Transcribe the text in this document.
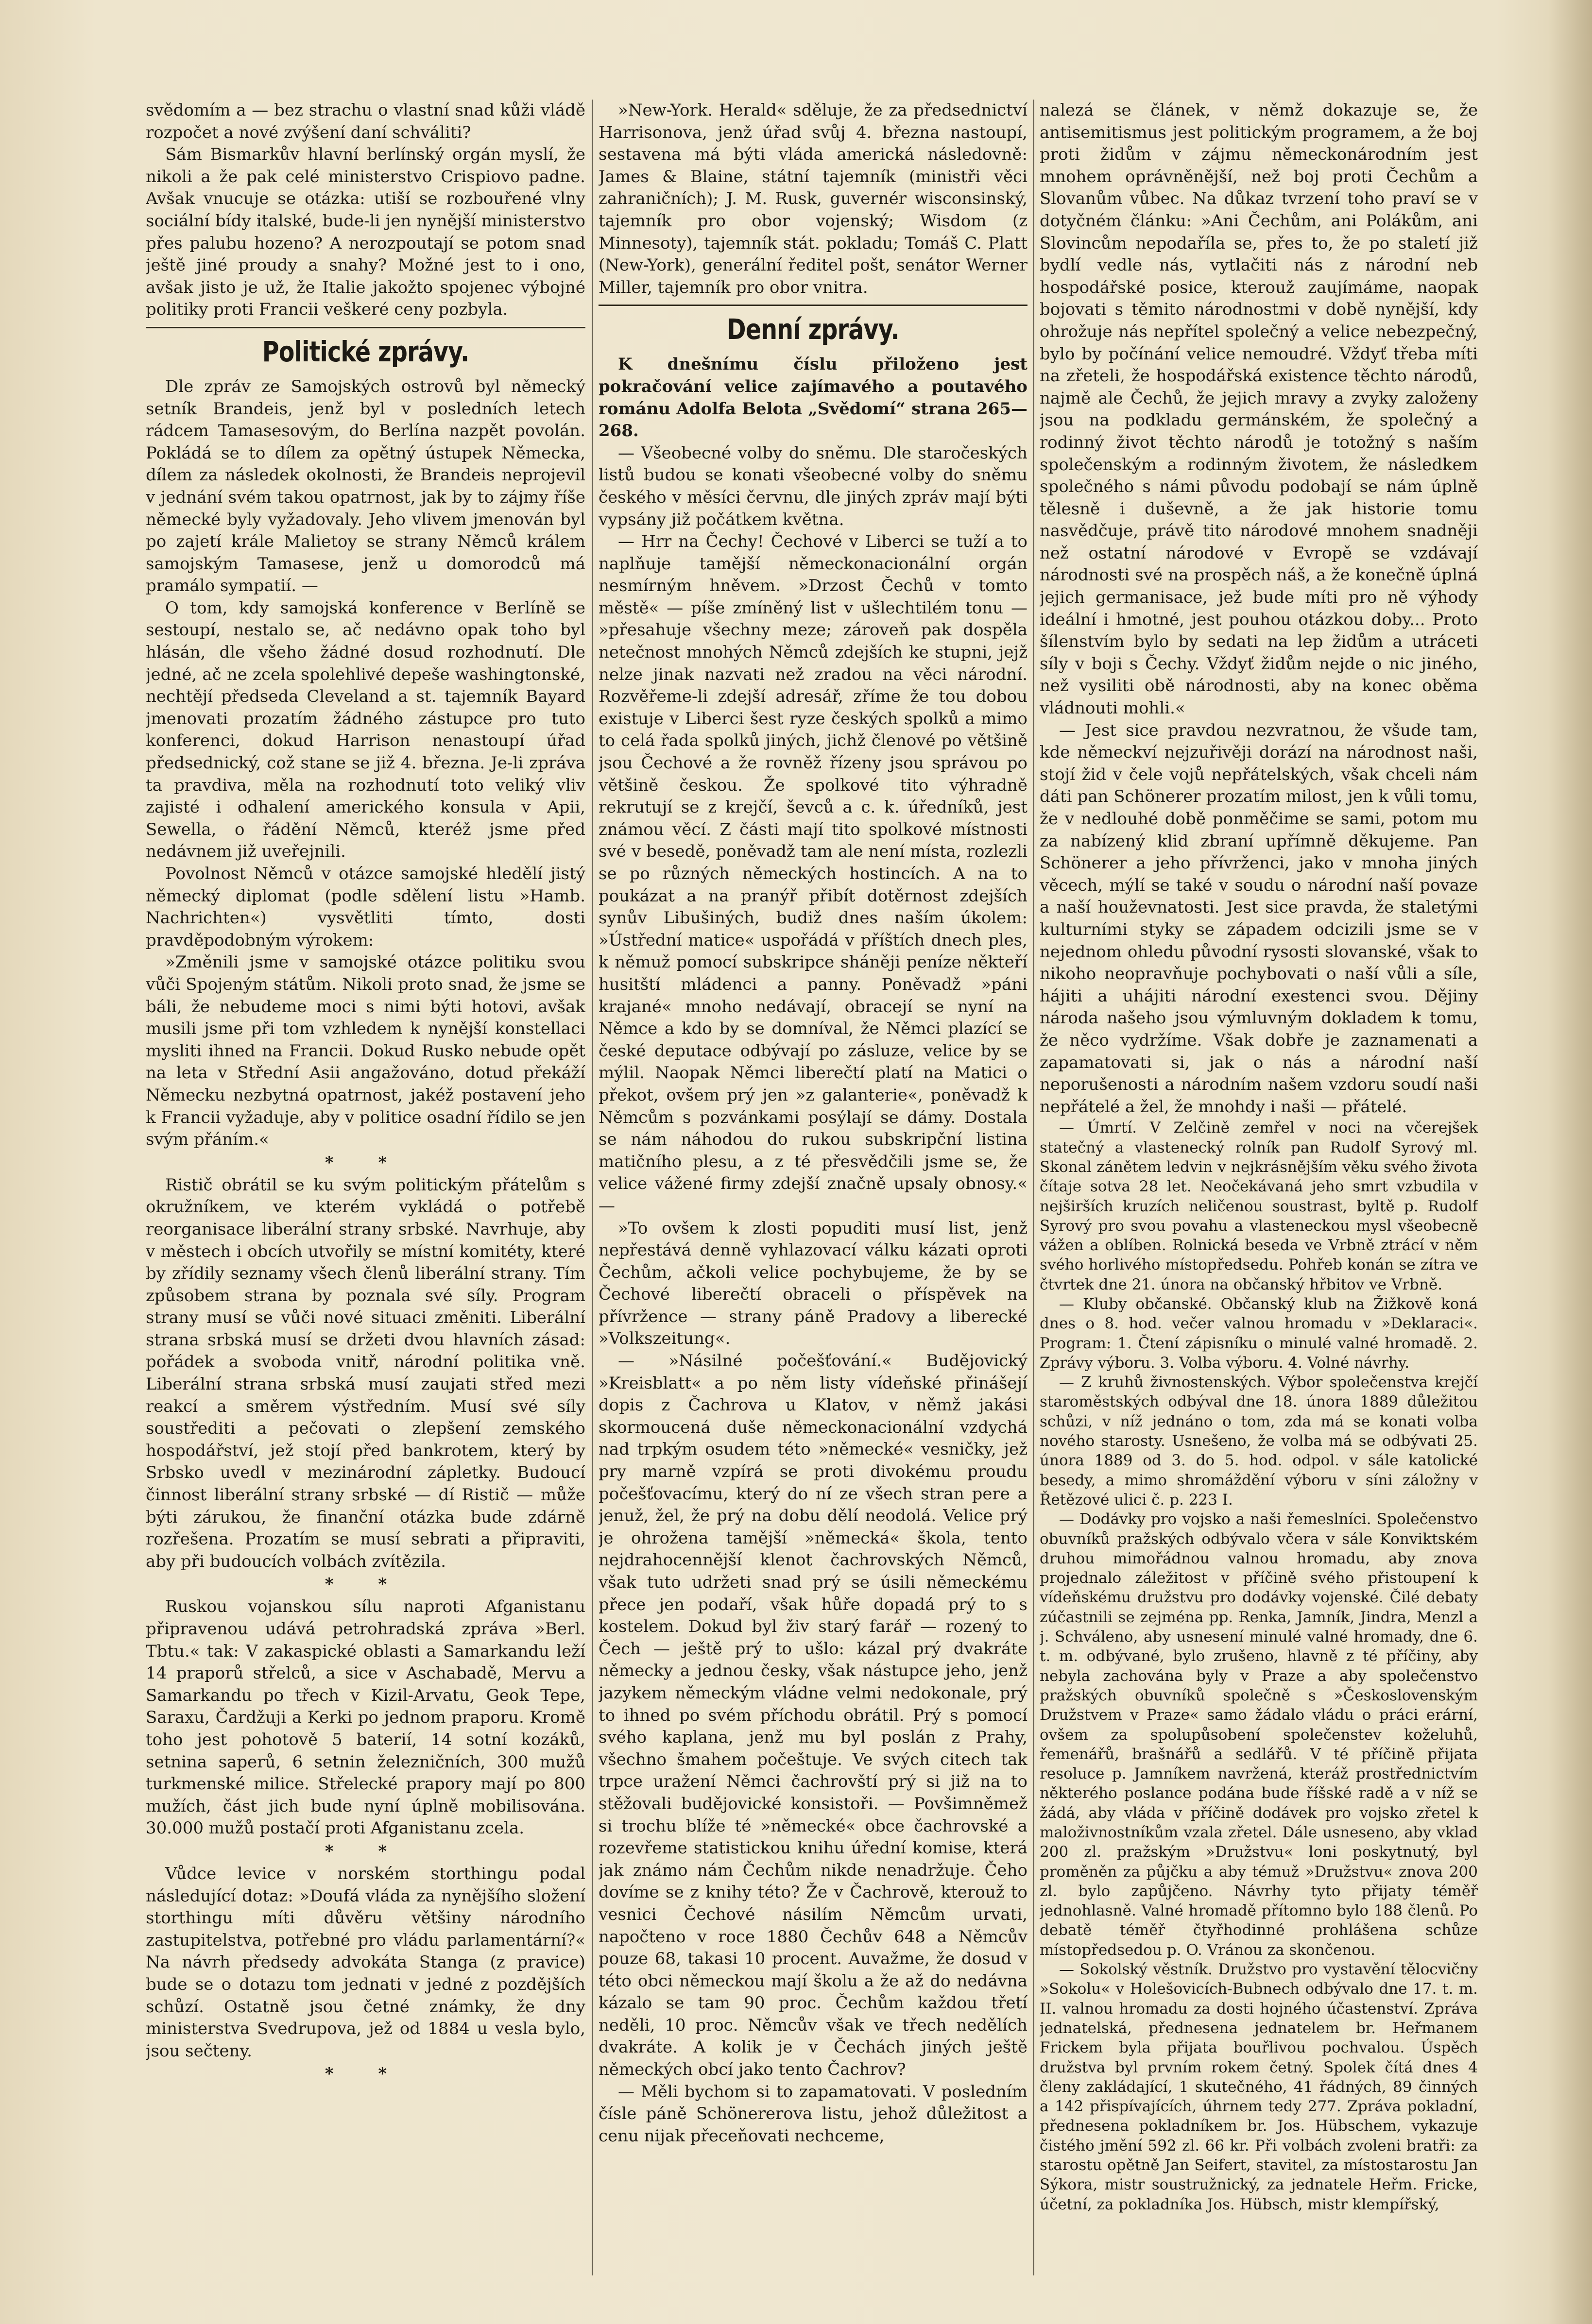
svědomím a — bez strachu o vlastní snad kůži vládě rozpočet a nové zvýšení daní schváliti?

Sám Bismarkův hlavní berlínský orgán myslí, že nikoli a že pak celé ministerstvo Crispiovo padne. Avšak vnucuje se otázka: utiší se rozbouřené vlny sociální bídy italské, bude-li jen nynější ministerstvo přes palubu hozeno? A nerozpoutají se potom snad ještě jiné proudy a snahy? Možné jest to i ono, avšak jisto je už, že Italie jakožto spojenec výbojné politiky proti Francii veškeré ceny pozbyla.

Politické zprávy.

Dle zpráv ze Samojských ostrovů byl německý setník Brandeis, jenž byl v posledních letech rádcem Tamasesovým, do Berlína nazpět povolán. Pokládá se to dílem za opětný ústupek Německa, dílem za následek okolnosti, že Brandeis neprojevil v jednání svém takou opatrnost, jak by to zájmy říše německé byly vyžadovaly. Jeho vlivem jmenován byl po zajetí krále Malietoy se strany Němců králem samojským Tamasese, jenž u domorodců má pramálo sympatií. —

O tom, kdy samojská konference v Berlíně se sestoupí, nestalo se, ač nedávno opak toho byl hlásán, dle všeho žádné dosud rozhodnutí. Dle jedné, ač ne zcela spolehlivé depeše washingtonské, nechtějí předseda Cleveland a st. tajemník Bayard jmenovati prozatím žádného zástupce pro tuto konferenci, dokud Harrison nenastoupí úřad předsednický, což stane se již 4. března. Je-li zpráva ta pravdiva, měla na rozhodnutí toto veliký vliv zajisté i odhalení amerického konsula v Apii, Sewella, o řádění Němců, kteréž jsme před nedávnem již uveřejnili.

Povolnost Němců v otázce samojské hledělí jistý německý diplomat (podle sdělení listu »Hamb. Nachrichten«) vysvětliti tímto, dosti pravděpodobným výrokem:

»Změnili jsme v samojské otázce politiku svou vůči Spojeným státům. Nikoli proto snad, že jsme se báli, že nebudeme moci s nimi býti hotovi, avšak musili jsme při tom vzhledem k nynější konstellaci mysliti ihned na Francii. Dokud Rusko nebude opět na leta v Střední Asii angažováno, dotud překáží Německu nezbytná opatrnost, jakéž postavení jeho k Francii vyžaduje, aby v politice osadní řídilo se jen svým přáním.«

* *

Ristič obrátil se ku svým politickým přátelům s okružníkem, ve kterém vykládá o potřebě reorganisace liberální strany srbské. Navrhuje, aby v městech i obcích utvořily se místní komitéty, které by zřídily seznamy všech členů liberální strany. Tím způsobem strana by poznala své síly. Program strany musí se vůči nové situaci změniti. Liberální strana srbská musí se držeti dvou hlavních zásad: pořádek a svoboda vnitř, národní politika vně. Liberální strana srbská musí zaujati střed mezi reakcí a směrem výstředním. Musí své síly soustřediti a pečovati o zlepšení zemského hospodářství, jež stojí před bankrotem, který by Srbsko uvedl v mezinárodní zápletky. Budoucí činnost liberální strany srbské — dí Ristič — může býti zárukou, že finanční otázka bude zdárně rozřešena. Prozatím se musí sebrati a připraviti, aby při budoucích volbách zvítězila.

* *

Ruskou vojanskou sílu naproti Afganistanu připravenou udává petrohradská zpráva »Berl. Tbtu.« tak: V zakaspické oblasti a Samarkandu leží 14 praporů střelců, a sice v Aschabadě, Mervu a Samarkandu po třech v Kizil-Arvatu, Geok Tepe, Saraxu, Čardžuji a Kerki po jednom praporu. Kromě toho jest pohotově 5 baterií, 14 sotní kozáků, setnina saperů, 6 setnin železničních, 300 mužů turkmenské milice. Střelecké prapory mají po 800 mužích, část jich bude nyní úplně mobilisována. 30.000 mužů postačí proti Afganistanu zcela.

* *

Vůdce levice v norském storthingu podal následující dotaz: »Doufá vláda za nynějšího složení storthingu míti důvěru většiny národního zastupitelstva, potřebné pro vládu parlamentární?« Na návrh předsedy advokáta Stanga (z pravice) bude se o dotazu tom jednati v jedné z pozdějších schůzí. Ostatně jsou četné známky, že dny ministerstva Svedrupova, jež od 1884 u vesla bylo, jsou sečteny.

* *

»New-York. Herald« sděluje, že za předsednictví Harrisonova, jenž úřad svůj 4. března nastoupí, sestavena má býti vláda americká následovně: James & Blaine, státní tajemník (ministři věci zahraničních); J. M. Rusk, guvernér wisconsinský, tajemník pro obor vojenský; Wisdom (z Minnesoty), tajemník stát. pokladu; Tomáš C. Platt (New-York), generální ředitel pošt, senátor Werner Miller, tajemník pro obor vnitra.

Denní zprávy.

K dnešnímu číslu přiloženo jest pokračování velice zajímavého a poutavého románu Adolfa Belota „Svědomí“ strana 265—268.

— Všeobecné volby do sněmu. Dle staročeských listů budou se konati všeobecné volby do sněmu českého v měsíci červnu, dle jiných zpráv mají býti vypsány již počátkem května.

— Hrr na Čechy! Čechové v Liberci se tuží a to naplňuje tamější německonacionální orgán nesmírným hněvem. »Drzost Čechů v tomto městě« — píše zmíněný list v ušlechtilém tonu — »přesahuje všechny meze; zároveň pak dospěla netečnost mnohých Němců zdejších ke stupni, jejž nelze jinak nazvati než zradou na věci národní. Rozvěřeme-li zdejší adresář, zříme že tou dobou existuje v Liberci šest ryze českých spolků a mimo to celá řada spolků jiných, jichž členové po většině jsou Čechové a že rovněž řízeny jsou správou po většině českou. Že spolkové tito výhradně rekrutují se z krejčí, ševců a c. k. úředníků, jest známou věcí. Z části mají tito spolkové místnosti své v besedě, poněvadž tam ale není místa, rozlezli se po různých německých hostincích. A na to poukázat a na pranýř přibít dotěrnost zdejších synův Libušiných, budiž dnes naším úkolem: »Ústřední matice« uspořádá v příštích dnech ples, k němuž pomocí subskripce sháněji peníze někteří husitští mládenci a panny. Poněvadž »páni krajané« mnoho nedávají, obracejí se nyní na Němce a kdo by se domníval, že Němci plazící se české deputace odbývají po zásluze, velice by se mýlil. Naopak Němci liberečtí platí na Matici o překot, ovšem prý jen »z galanterie«, poněvadž k Němcům s pozvánkami posýlají se dámy. Dostala se nám náhodou do rukou subskripční listina matičního plesu, a z té přesvědčili jsme se, že velice vážené firmy zdejší značně upsaly obnosy.« —

»To ovšem k zlosti popuditi musí list, jenž nepřestává denně vyhlazovací válku kázati oproti Čechům, ačkoli velice pochybujeme, že by se Čechové liberečtí obraceli o příspěvek na přívržence — strany páně Pradovy a liberecké »Volkszeitung«.

— »Násilné počešťování.« Budějovický »Kreisblatt« a po něm listy vídeňské přinášejí dopis z Čachrova u Klatov, v němž jakási skormoucená duše německonacionální vzdychá nad trpkým osudem této »německé« vesničky, jež pry marně vzpírá se proti divokému proudu počešťovacímu, který do ní ze všech stran pere a jenuž, žel, že prý na dobu dělí neodolá. Velice prý je ohrožena tamější »německá« škola, tento nejdrahocennější klenot čachrovských Němců, však tuto udržeti snad prý se úsili německému přece jen podaří, však hůře dopadá prý to s kostelem. Dokud byl živ starý farář — rozený to Čech — ještě prý to ušlo: kázal prý dvakráte německy a jednou česky, však nástupce jeho, jenž jazykem německým vládne velmi nedokonale, prý to ihned po svém příchodu obrátil. Prý s pomocí svého kaplana, jenž mu byl poslán z Prahy, všechno šmahem počeštuje. Ve svých citech tak trpce uražení Němci čachrovští prý si již na to stěžovali budějovické konsistoři. — Povšimněmež si trochu blíže té »německé« obce čachrovské a rozevřeme statistickou knihu úřední komise, která jak známo nám Čechům nikde nenadržuje. Čeho dovíme se z knihy této? Že v Čachrově, kterouž to vesnici Čechové násilím Němcům urvati, napočteno v roce 1880 Čechův 648 a Němcův pouze 68, takasi 10 procent. Auvažme, že dosud v této obci německou mají školu a že až do nedávna kázalo se tam 90 proc. Čechům každou třetí neděli, 10 proc. Němcův však ve třech nedělích dvakráte. A kolik je v Čechách jiných ještě německých obcí jako tento Čachrov?

— Měli bychom si to zapamatovati. V posledním čísle páně Schönererova listu, jehož důležitost a cenu nijak přeceňovati nechceme,

nalezá se článek, v němž dokazuje se, že antisemitismus jest politickým programem, a že boj proti židům v zájmu německonárodním jest mnohem oprávněnější, než boj proti Čechům a Slovanům vůbec. Na důkaz tvrzení toho praví se v dotyčném článku: »Ani Čechům, ani Polákům, ani Slovincům nepodaříla se, přes to, že po staletí již bydlí vedle nás, vytlačiti nás z národní neb hospodářské posice, kterouž zaujímáme, naopak bojovati s těmito národnostmi v době nynější, kdy ohrožuje nás nepřítel společný a velice nebezpečný, bylo by počínání velice nemoudré. Vždyť třeba míti na zřeteli, že hospodářská existence těchto národů, najmě ale Čechů, že jejich mravy a zvyky založeny jsou na podkladu germánském, že společný a rodinný život těchto národů je totožný s naším společenským a rodinným životem, že následkem společného s námi původu podobají se nám úplně tělesně i duševně, a že jak historie tomu nasvědčuje, právě tito národové mnohem snadněji než ostatní národové v Evropě se vzdávají národnosti své na prospěch náš, a že konečně úplná jejich germanisace, jež bude míti pro ně výhody ideální i hmotné, jest pouhou otázkou doby... Proto šílenstvím bylo by sedati na lep židům a utráceti síly v boji s Čechy. Vždyť židům nejde o nic jiného, než vysiliti obě národnosti, aby na konec oběma vládnouti mohli.«

— Jest sice pravdou nezvratnou, že všude tam, kde německví nejzuřivěji dorází na národnost naši, stojí žid v čele vojů nepřátelských, však chceli nám dáti pan Schönerer prozatím milost, jen k vůli tomu, že v nedlouhé době ponměčime se sami, potom mu za nabízený klid zbraní upřímně děkujeme. Pan Schönerer a jeho přívrženci, jako v mnoha jiných věcech, mýlí se také v soudu o národní naší povaze a naší houževnatosti. Jest sice pravda, že staletými kulturními styky se západem odcizili jsme se v nejednom ohledu původní rysosti slovanské, však to nikoho neopravňuje pochybovati o naší vůli a síle, hájiti a uhájiti národní exestenci svou. Dějiny národa našeho jsou výmluvným dokladem k tomu, že něco vydržíme. Však dobře je zaznamenati a zapamatovati si, jak o nás a národní naší neporušenosti a národním našem vzdoru soudí naši nepřátelé a žel, že mnohdy i naši — přátelé.

— Úmrtí. V Zelčině zemřel v noci na včerejšek statečný a vlastenecký rolník pan Rudolf Syrový ml. Skonal zánětem ledvin v nejkrásnějším věku svého života čítaje sotva 28 let. Neočekávaná jeho smrt vzbudila v nejširších kruzích neličenou soustrast, byltě p. Rudolf Syrový pro svou povahu a vlasteneckou mysl všeobecně vážen a oblíben. Rolnická beseda ve Vrbně ztrácí v něm svého horlivého místopředsedu. Pohřeb konán se zítra ve čtvrtek dne 21. února na občanský hřbitov ve Vrbně.

— Kluby občanské. Občanský klub na Žižkově koná dnes o 8. hod. večer valnou hromadu v »Deklaraci«. Program: 1. Čtení zápisníku o minulé valné hromadě. 2. Zprávy výboru. 3. Volba výboru. 4. Volné návrhy.

— Z kruhů živnostenských. Výbor společenstva krejčí staroměstských odbýval dne 18. února 1889 důležitou schůzi, v níž jednáno o tom, zda má se konati volba nového starosty. Usnešeno, že volba má se odbývati 25. února 1889 od 3. do 5. hod. odpol. v sále katolické besedy, a mimo shromáždění výboru v síni záložny v Řetězové ulici č. p. 223 I.

— Dodávky pro vojsko a naši řemeslníci. Společenstvo obuvníků pražských odbývalo včera v sále Konviktském druhou mimořádnou valnou hromadu, aby znova projednalo záležitost v příčině svého přistoupení k vídeňskému družstvu pro dodávky vojenské. Čilé debaty zúčastnili se zejména pp. Renka, Jamník, Jindra, Menzl a j. Schváleno, aby usnesení minulé valné hromady, dne 6. t. m. odbývané, bylo zrušeno, hlavně z té příčiny, aby nebyla zachována byly v Praze a aby společenstvo pražských obuvníků společně s »Československým Družstvem v Praze« samo žádalo vládu o práci erární, ovšem za spolupůsobení společenstev koželuhů, řemenářů, brašnářů a sedlářů. V té příčině přijata resoluce p. Jamníkem navržená, kteráž prostřednictvím některého poslance podána bude říšské radě a v níž se žádá, aby vláda v příčině dodávek pro vojsko zřetel k maloživnostníkům vzala zřetel. Dále usneseno, aby vklad 200 zl. pražským »Družstvu« loni poskytnutý, byl proměněn za půjčku a aby témuž »Družstvu« znova 200 zl. bylo zapůjčeno. Návrhy tyto přijaty téměř jednohlasně. Valné hromadě přítomno bylo 188 členů. Po debatě téměř čtyřhodinné prohlášena schůze místopředsedou p. O. Vránou za skončenou.

— Sokolský věstník. Družstvo pro vystavění tělocvičny »Sokolu« v Holešovicích-Bubnech odbývalo dne 17. t. m. II. valnou hromadu za dosti hojného účastenství. Zpráva jednatelská, přednesena jednatelem br. Heřmanem Frickem byla přijata bouřlivou pochvalou. Úspěch družstva byl prvním rokem četný. Spolek čítá dnes 4 členy zakládající, 1 skutečného, 41 řádných, 89 činných a 142 přispívajících, úhrnem tedy 277. Zpráva pokladní, přednesena pokladníkem br. Jos. Hübschem, vykazuje čistého jmění 592 zl. 66 kr. Při volbách zvoleni bratři: za starostu opětně Jan Seifert, stavitel, za místostarostu Jan Sýkora, mistr soustružnický, za jednatele Heřm. Fricke, účetní, za pokladníka Jos. Hübsch, mistr klempířský,
